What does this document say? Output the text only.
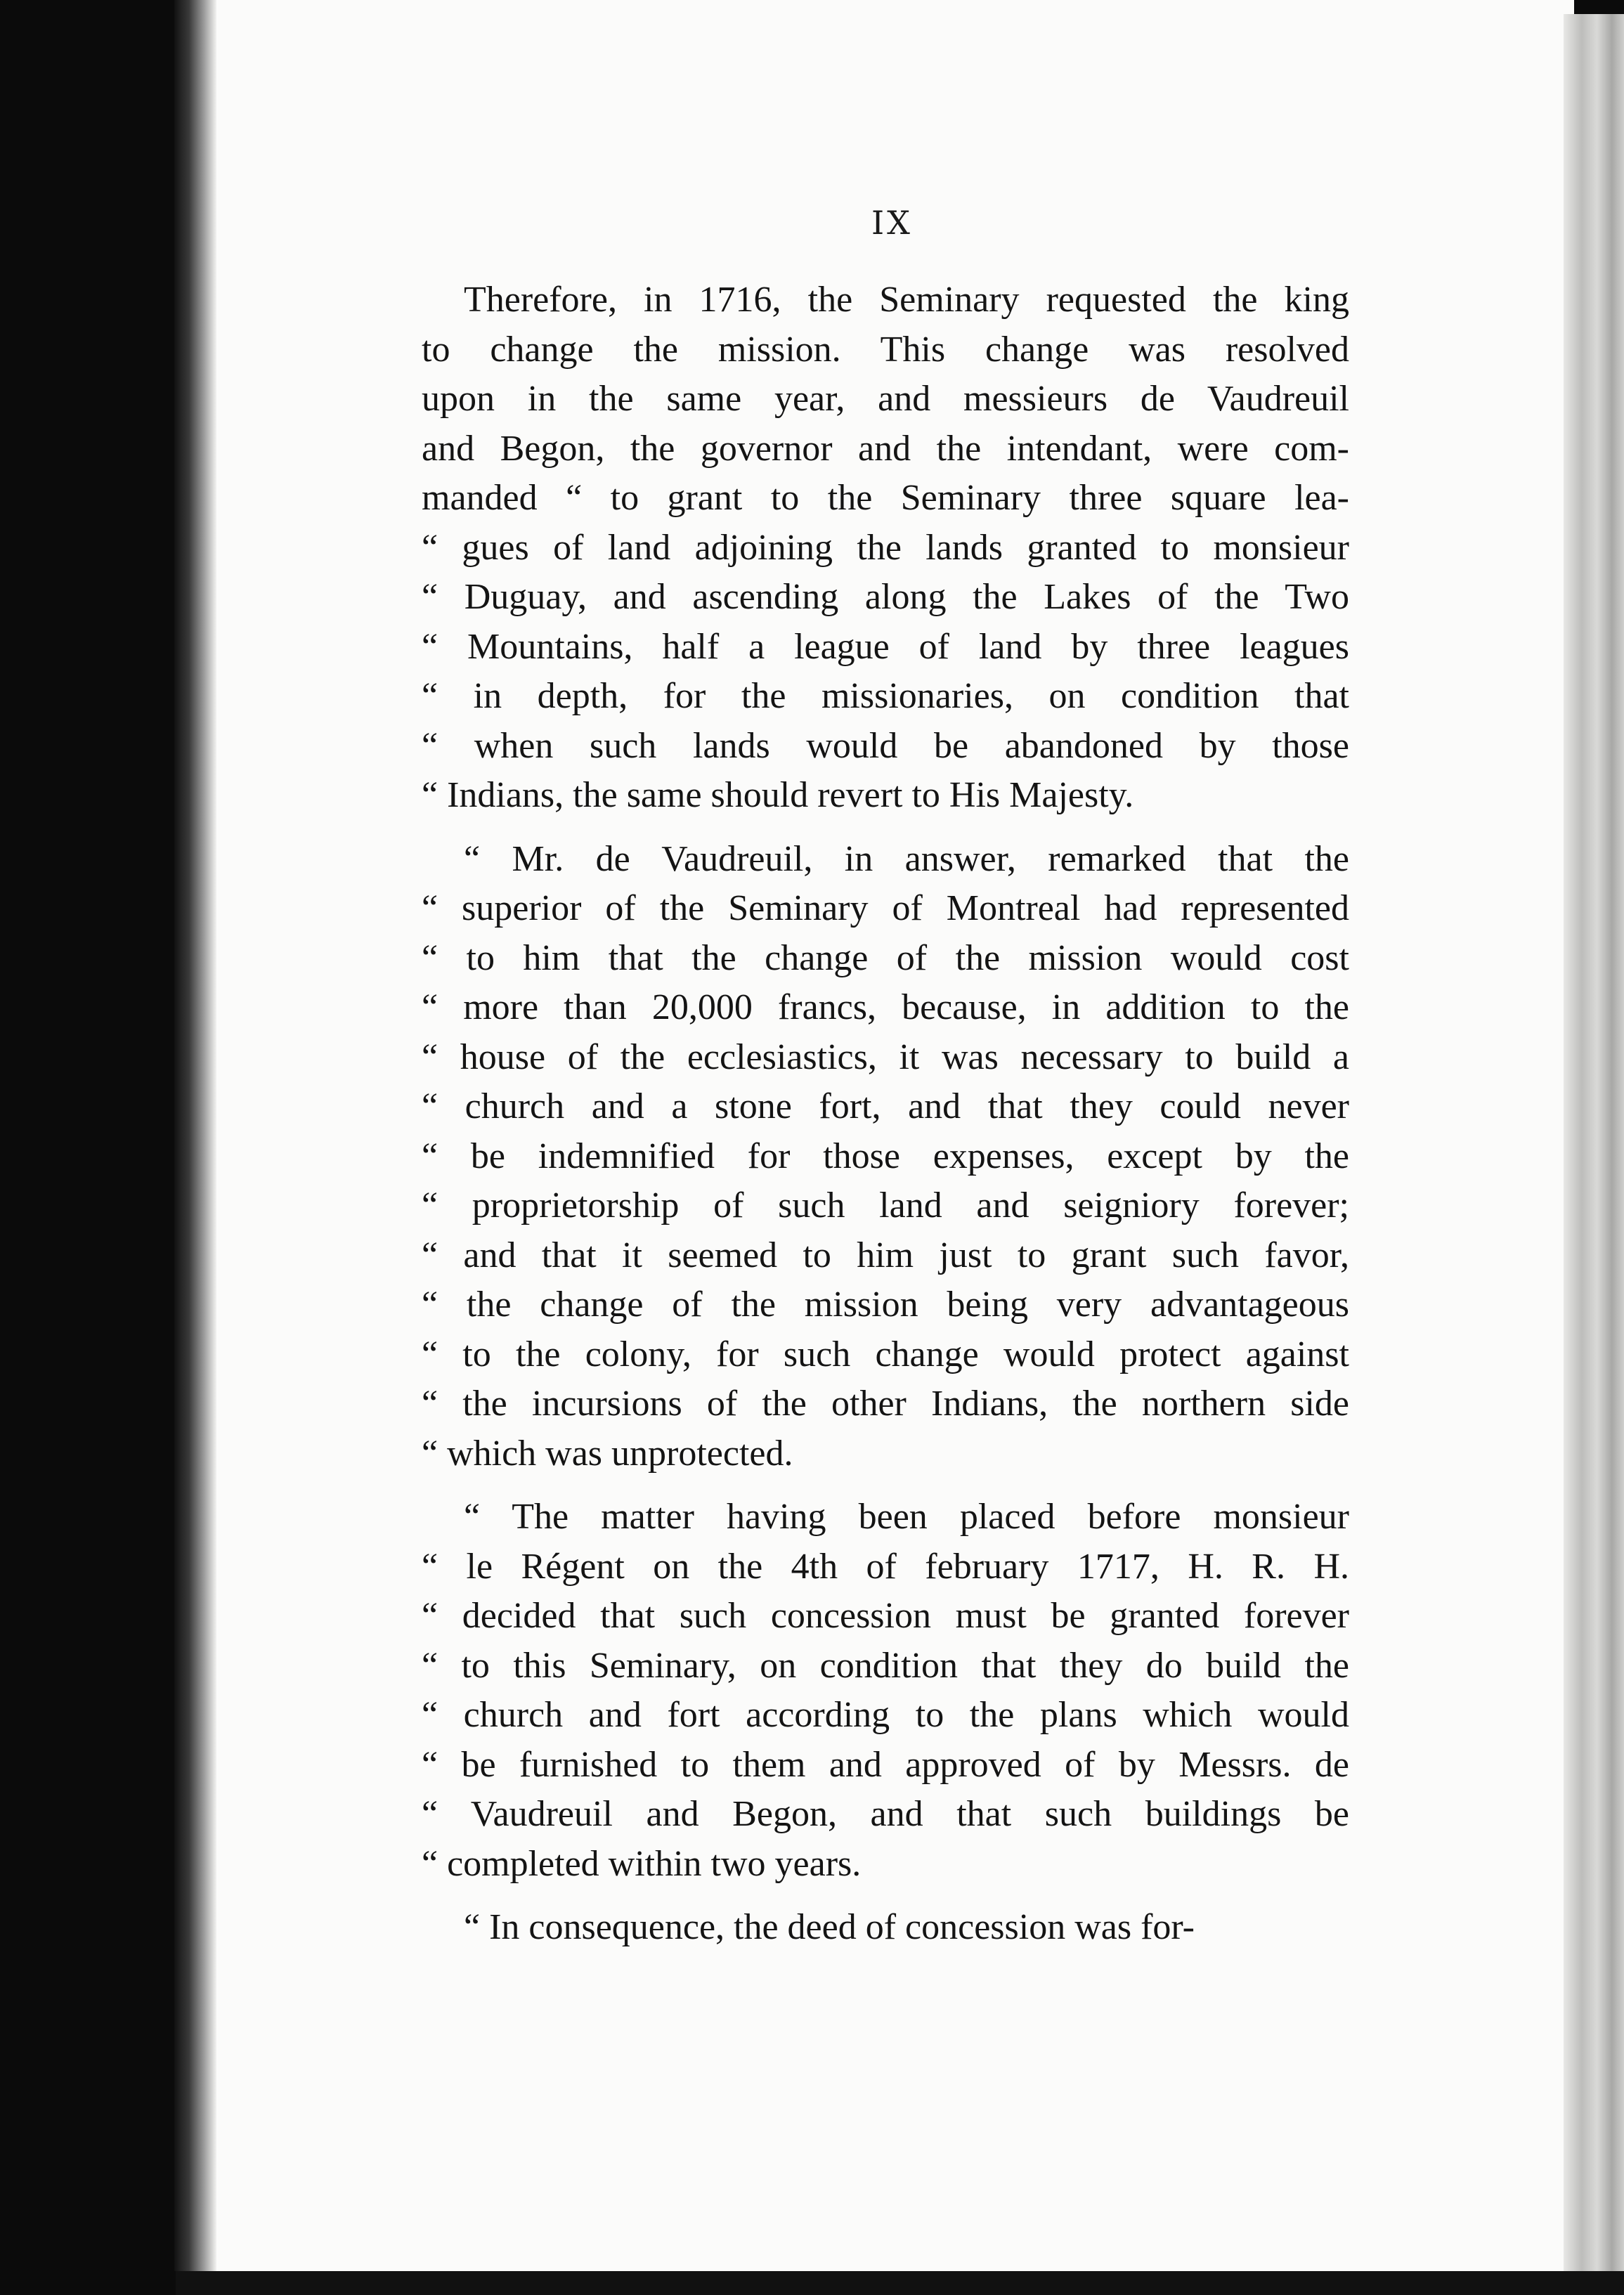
IX
Therefore, in 1716, the Seminary requested the king
to change the mission. This change was resolved
upon in the same year, and messieurs de Vaudreuil
and Begon, the governor and the intendant, were com-
manded “ to grant to the Seminary three square lea-
“ gues of land adjoining the lands granted to monsieur
“ Duguay, and ascending along the Lakes of the Two
“ Mountains, half a league of land by three leagues
“ in depth, for the missionaries, on condition that
“ when such lands would be abandoned by those
“ Indians, the same should revert to His Majesty.
“ Mr. de Vaudreuil, in answer, remarked that the
“ superior of the Seminary of Montreal had represented
“ to him that the change of the mission would cost
“ more than 20,000 francs, because, in addition to the
“ house of the ecclesiastics, it was necessary to build a
“ church and a stone fort, and that they could never
“ be indemnified for those expenses, except by the
“ proprietorship of such land and seigniory forever;
“ and that it seemed to him just to grant such favor,
“ the change of the mission being very advantageous
“ to the colony, for such change would protect against
“ the incursions of the other Indians, the northern side
“ which was unprotected.
“ The matter having been placed before monsieur
“ le Régent on the 4th of february 1717, H. R. H.
“ decided that such concession must be granted forever
“ to this Seminary, on condition that they do build the
“ church and fort according to the plans which would
“ be furnished to them and approved of by Messrs. de
“ Vaudreuil and Begon, and that such buildings be
“ completed within two years.
“ In consequence, the deed of concession was for-
